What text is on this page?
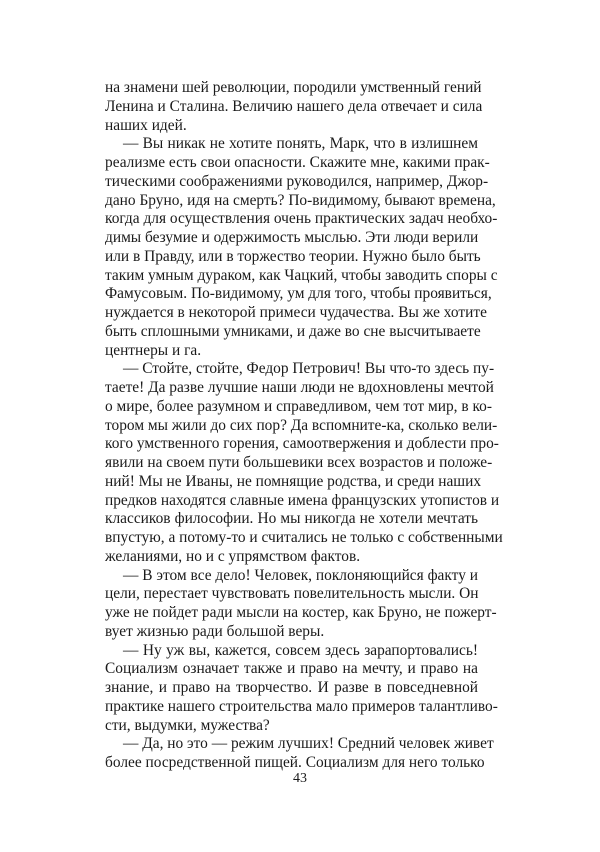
на знамени шей революции, породили умственный гений
Ленина и Сталина. Величию нашего дела отвечает и сила
наших идей.
— Вы никак не хотите понять, Марк, что в излишнем
реализме есть свои опасности. Скажите мне, какими прак-
тическими соображениями руководился, например, Джор-
дано Бруно, идя на смерть? По-видимому, бывают времена,
когда для осуществления очень практических задач необхо-
димы безумие и одержимость мыслью. Эти люди верили
или в Правду, или в торжество теории. Нужно было быть
таким умным дураком, как Чацкий, чтобы заводить споры с
Фамусовым. По-видимому, ум для того, чтобы проявиться,
нуждается в некоторой примеси чудачества. Вы же хотите
быть сплошными умниками, и даже во сне высчитываете
центнеры и га.
— Стойте, стойте, Федор Петрович! Вы что-то здесь пу-
таете! Да разве лучшие наши люди не вдохновлены мечтой
о мире, более разумном и справедливом, чем тот мир, в ко-
тором мы жили до сих пор? Да вспомните-ка, сколько вели-
кого умственного горения, самоотвержения и доблести про-
явили на своем пути большевики всех возрастов и положе-
ний! Мы не Иваны, не помнящие родства, и среди наших
предков находятся славные имена французских утопистов и
классиков философии. Но мы никогда не хотели мечтать
впустую, а потому-то и считались не только с собственными
желаниями, но и с упрямством фактов.
— В этом все дело! Человек, поклоняющийся факту и
цели, перестает чувствовать повелительность мысли. Он
уже не пойдет ради мысли на костер, как Бруно, не пожерт-
вует жизнью ради большой веры.
— Ну уж вы, кажется, совсем здесь зарапортовались!
Социализм означает также и право на мечту, и право на
знание, и право на творчество. И разве в повседневной
практике нашего строительства мало примеров талантливо-
сти, выдумки, мужества?
— Да, но это — режим лучших! Средний человек живет
более посредственной пищей. Социализм для него только
43
